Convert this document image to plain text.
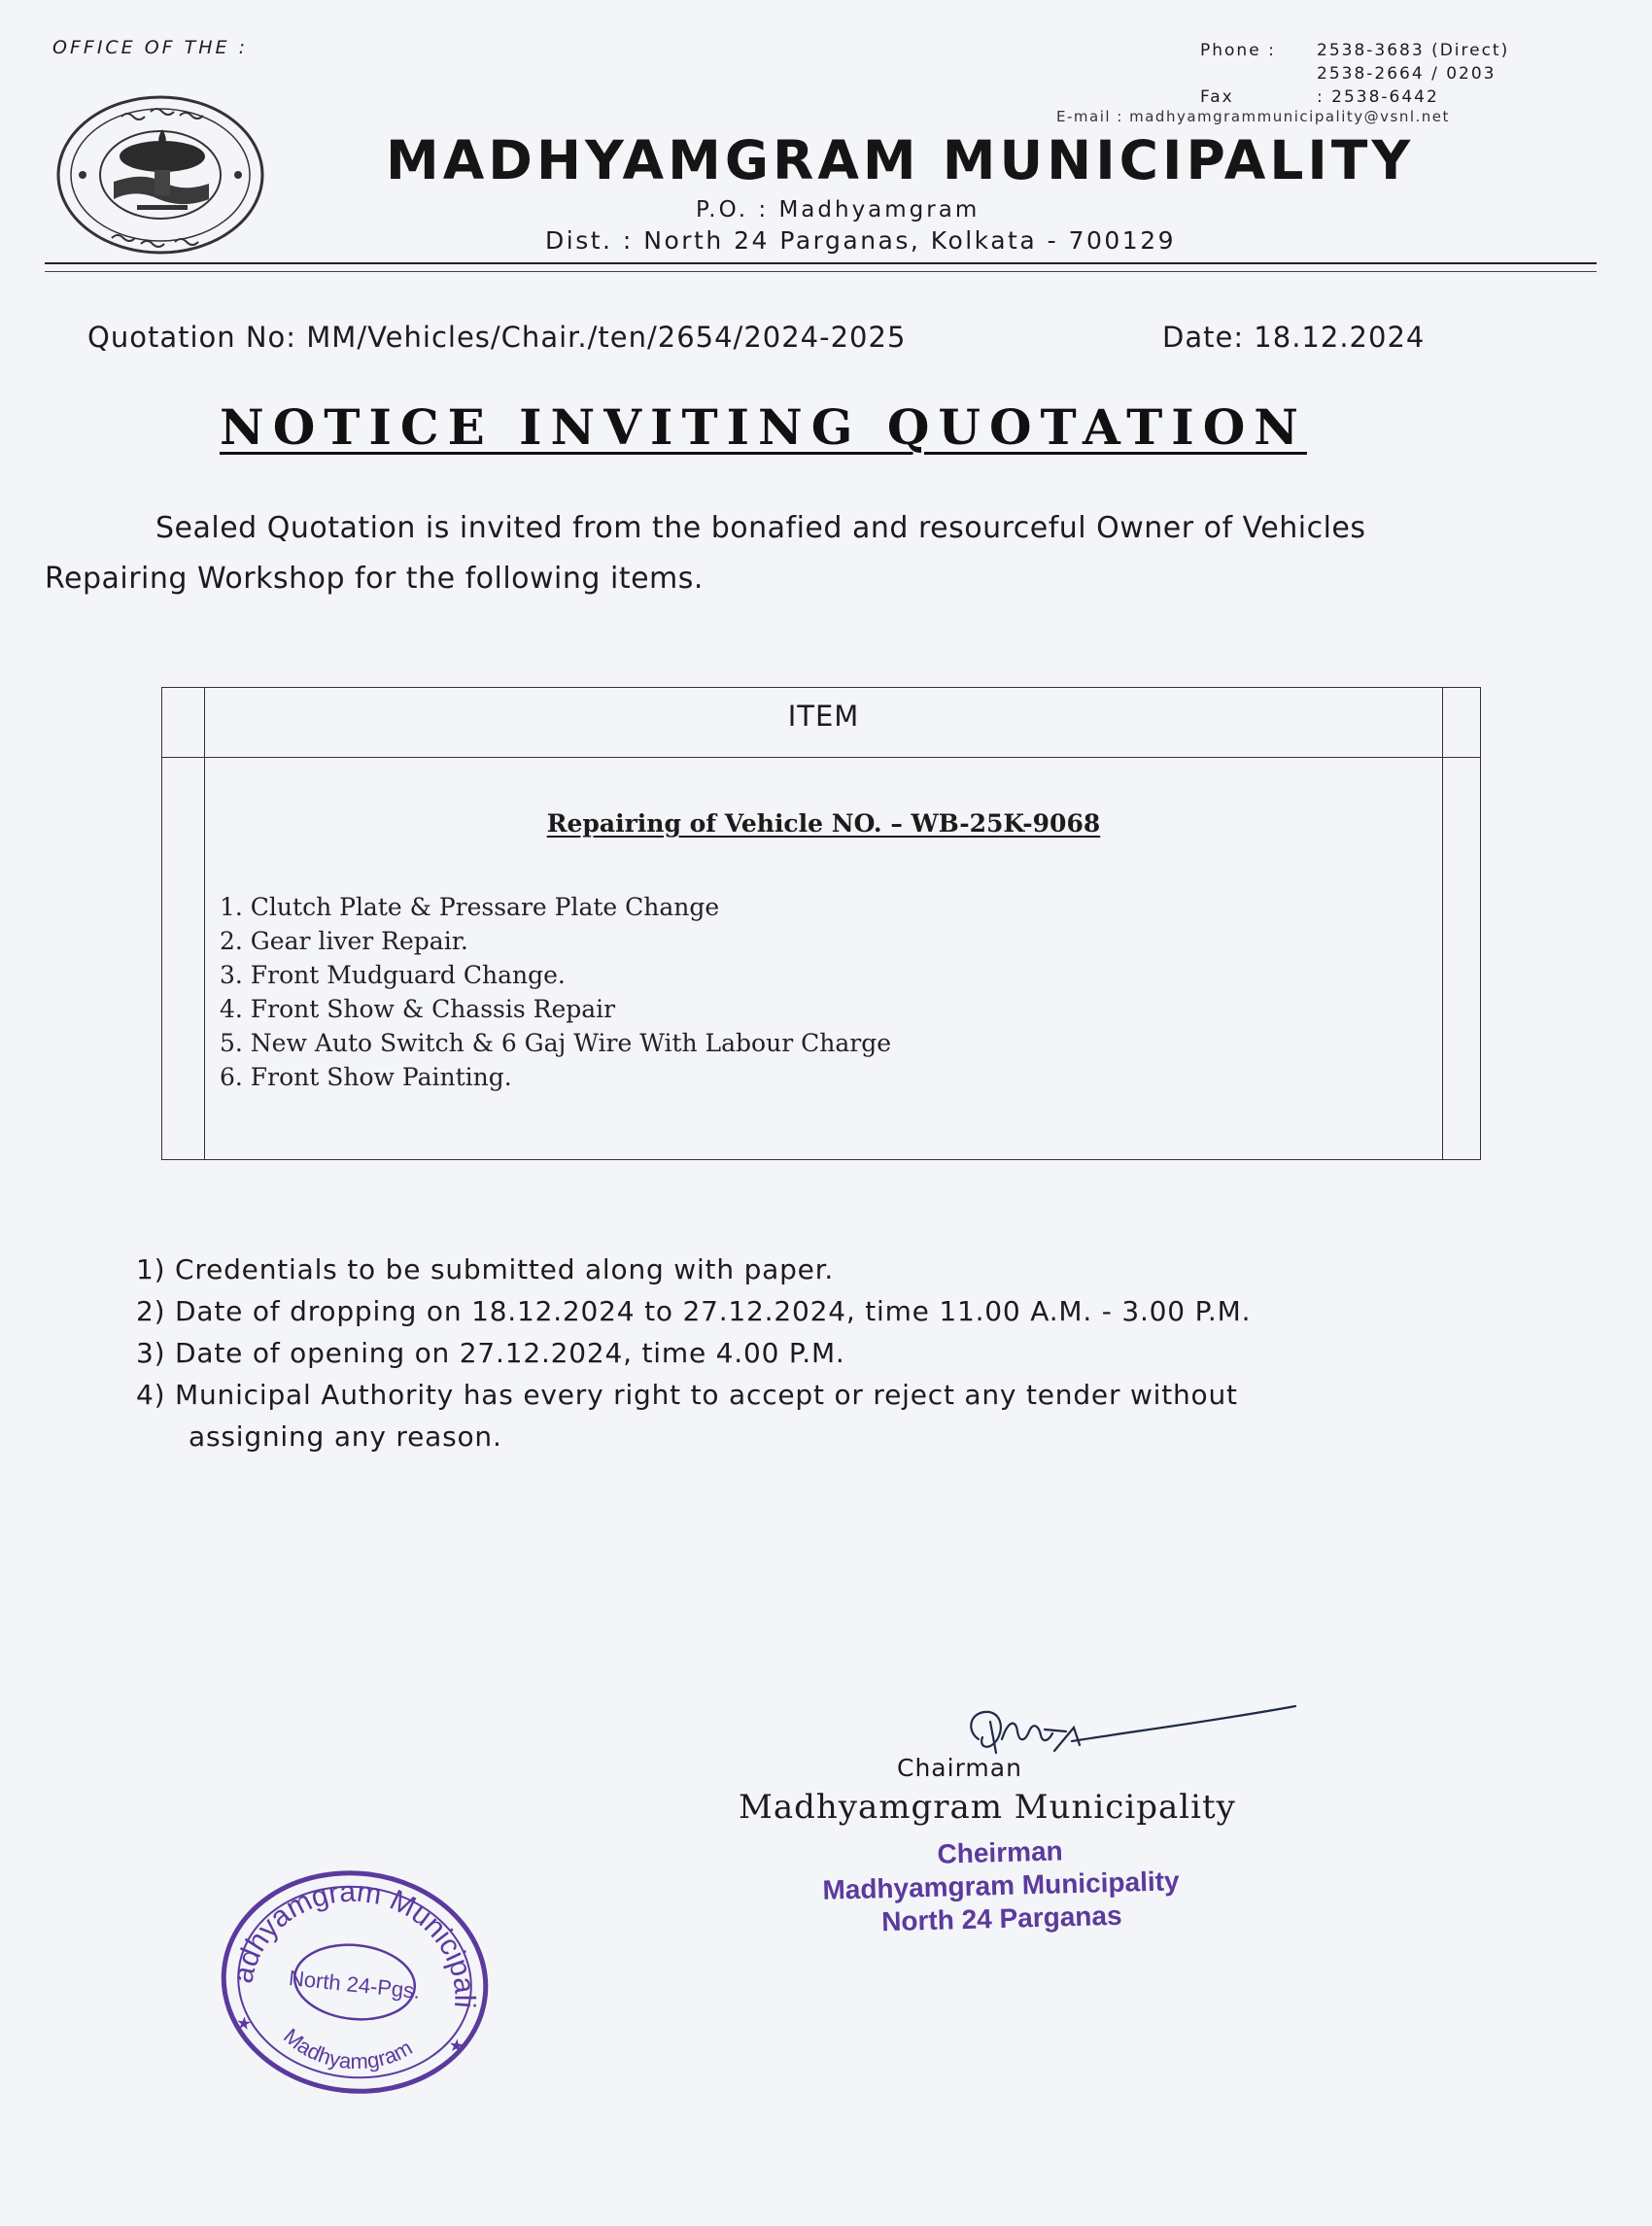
OFFICE OF THE :	Phone : 2538-3683 (Direct)
2538-2664 / 0203
Fax	: 2538-6442
E-mail : madhyamgrammunicipality@vsnl.net
MADHYAMGRAM MUNICIPALITY
P.O. : Madhyamgram
Dist. : North 24 Parganas, Kolkata - 700129
Quotation No: MM/Vehicles/Chair./ten/2654/2024-2025	Date: 18.12.2024
NOTICE INVITING QUOTATION
Sealed Quotation is invited from the bonafied and resourceful Owner of Vehicles Repairing Workshop for the following items.
ITEM
Repairing of Vehicle NO. – WB-25K-9068
1. Clutch Plate & Pressare Plate Change
2. Gear liver Repair.
3. Front Mudguard Change.
4. Front Show & Chassis Repair
5. New Auto Switch & 6 Gaj Wire With Labour Charge
6. Front Show Painting.
1) Credentials to be submitted along with paper.
2) Date of dropping on 18.12.2024 to 27.12.2024, time 11.00 A.M. - 3.00 P.M.
3) Date of opening on 27.12.2024, time 4.00 P.M.
4) Municipal Authority has every right to accept or reject any tender without
assigning any reason.
Chairman
Madhyamgram Municipality
Cheirman
Madhyamgram Municipality
North 24 Parganas
Madhyamgram Municipality
North 24-Pgs.
Madhyamgram
★
★
